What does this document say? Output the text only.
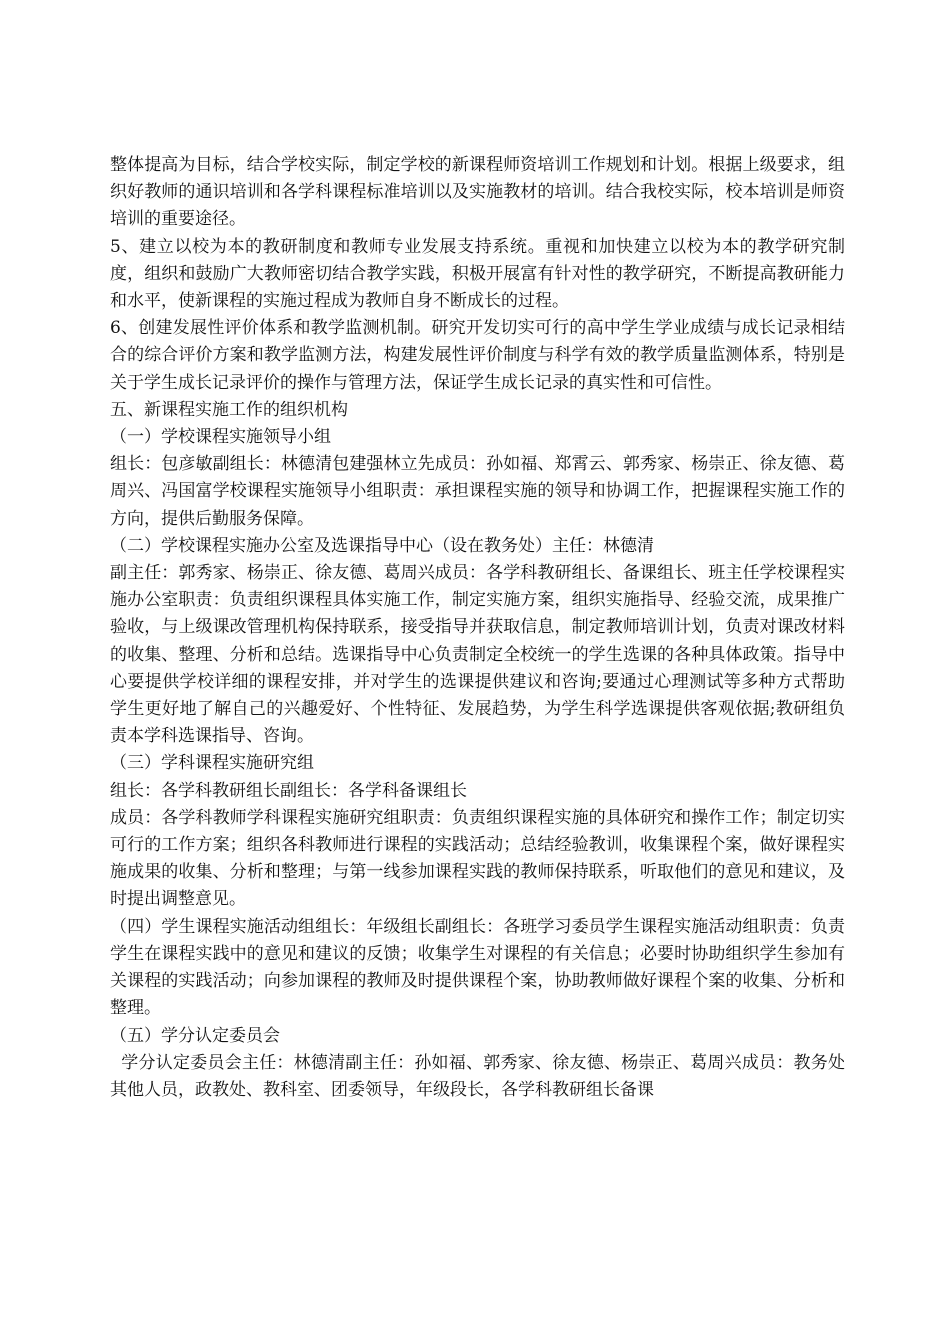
整体提高为目标，结合学校实际，制定学校的新课程师资培训工作规划和计划。根据上级要求，组织好教师的通识培训和各学科课程标准培训以及实施教材的培训。结合我校实际，校本培训是师资培训的重要途径。

5、建立以校为本的教研制度和教师专业发展支持系统。重视和加快建立以校为本的教学研究制度，组织和鼓励广大教师密切结合教学实践，积极开展富有针对性的教学研究，不断提高教研能力和水平，使新课程的实施过程成为教师自身不断成长的过程。

6、创建发展性评价体系和教学监测机制。研究开发切实可行的高中学生学业成绩与成长记录相结合的综合评价方案和教学监测方法，构建发展性评价制度与科学有效的教学质量监测体系，特别是关于学生成长记录评价的操作与管理方法，保证学生成长记录的真实性和可信性。

五、新课程实施工作的组织机构

（一）学校课程实施领导小组

组长：包彦敏副组长：林德清包建强林立先成员：孙如福、郑霄云、郭秀家、杨崇正、徐友德、葛周兴、冯国富学校课程实施领导小组职责：承担课程实施的领导和协调工作，把握课程实施工作的方向，提供后勤服务保障。

（二）学校课程实施办公室及选课指导中心（设在教务处）主任：林德清

副主任：郭秀家、杨崇正、徐友德、葛周兴成员：各学科教研组长、备课组长、班主任学校课程实施办公室职责：负责组织课程具体实施工作，制定实施方案，组织实施指导、经验交流，成果推广验收，与上级课改管理机构保持联系，接受指导并获取信息，制定教师培训计划，负责对课改材料的收集、整理、分析和总结。选课指导中心负责制定全校统一的学生选课的各种具体政策。指导中心要提供学校详细的课程安排，并对学生的选课提供建议和咨询;要通过心理测试等多种方式帮助学生更好地了解自己的兴趣爱好、个性特征、发展趋势，为学生科学选课提供客观依据;教研组负责本学科选课指导、咨询。

（三）学科课程实施研究组

组长：各学科教研组长副组长：各学科备课组长

成员：各学科教师学科课程实施研究组职责：负责组织课程实施的具体研究和操作工作；制定切实可行的工作方案；组织各科教师进行课程的实践活动；总结经验教训，收集课程个案，做好课程实施成果的收集、分析和整理；与第一线参加课程实践的教师保持联系，听取他们的意见和建议，及时提出调整意见。

（四）学生课程实施活动组组长：年级组长副组长：各班学习委员学生课程实施活动组职责：负责学生在课程实践中的意见和建议的反馈；收集学生对课程的有关信息；必要时协助组织学生参加有关课程的实践活动；向参加课程的教师及时提供课程个案，协助教师做好课程个案的收集、分析和整理。

（五）学分认定委员会

学分认定委员会主任：林德清副主任：孙如福、郭秀家、徐友德、杨崇正、葛周兴成员：教务处其他人员，政教处、教科室、团委领导，年级段长，各学科教研组长备课
